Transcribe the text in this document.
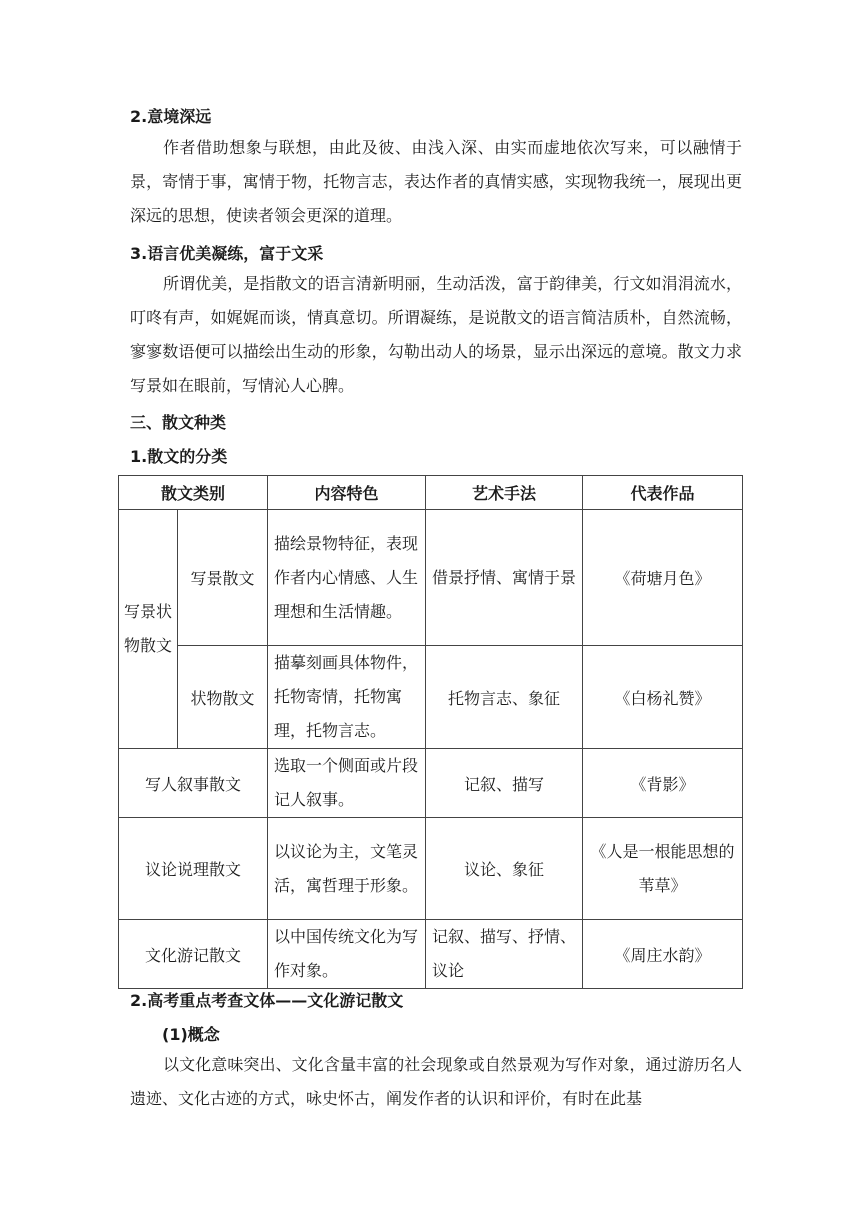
2.意境深远

作者借助想象与联想，由此及彼、由浅入深、由实而虚地依次写来，可以融情于景，寄情于事，寓情于物，托物言志，表达作者的真情实感，实现物我统一，展现出更深远的思想，使读者领会更深的道理。

3.语言优美凝练，富于文采

所谓优美，是指散文的语言清新明丽，生动活泼，富于韵律美，行文如涓涓流水，叮咚有声，如娓娓而谈，情真意切。所谓凝练，是说散文的语言简洁质朴，自然流畅，寥寥数语便可以描绘出生动的形象，勾勒出动人的场景，显示出深远的意境。散文力求写景如在眼前，写情沁人心脾。

三、散文种类
1.散文的分类
散文类别		内容特色	艺术手法	代表作品
写景状物散文	写景散文	描绘景物特征，表现作者内心情感、人生理想和生活情趣。	借景抒情、寓情于景	《荷塘月色》
	状物散文	描摹刻画具体物件，托物寄情，托物寓理，托物言志。	托物言志、象征	《白杨礼赞》
写人叙事散文		选取一个侧面或片段记人叙事。	记叙、描写	《背影》
议论说理散文		以议论为主，文笔灵活，寓哲理于形象。	议论、象征	《人是一根能思想的苇草》
文化游记散文		以中国传统文化为写作对象。	记叙、描写、抒情、议论	《周庄水韵》
2.高考重点考查文体——文化游记散文
(1)概念

以文化意味突出、文化含量丰富的社会现象或自然景观为写作对象，通过游历名人遗迹、文化古迹的方式，咏史怀古，阐发作者的认识和评价，有时在此基
